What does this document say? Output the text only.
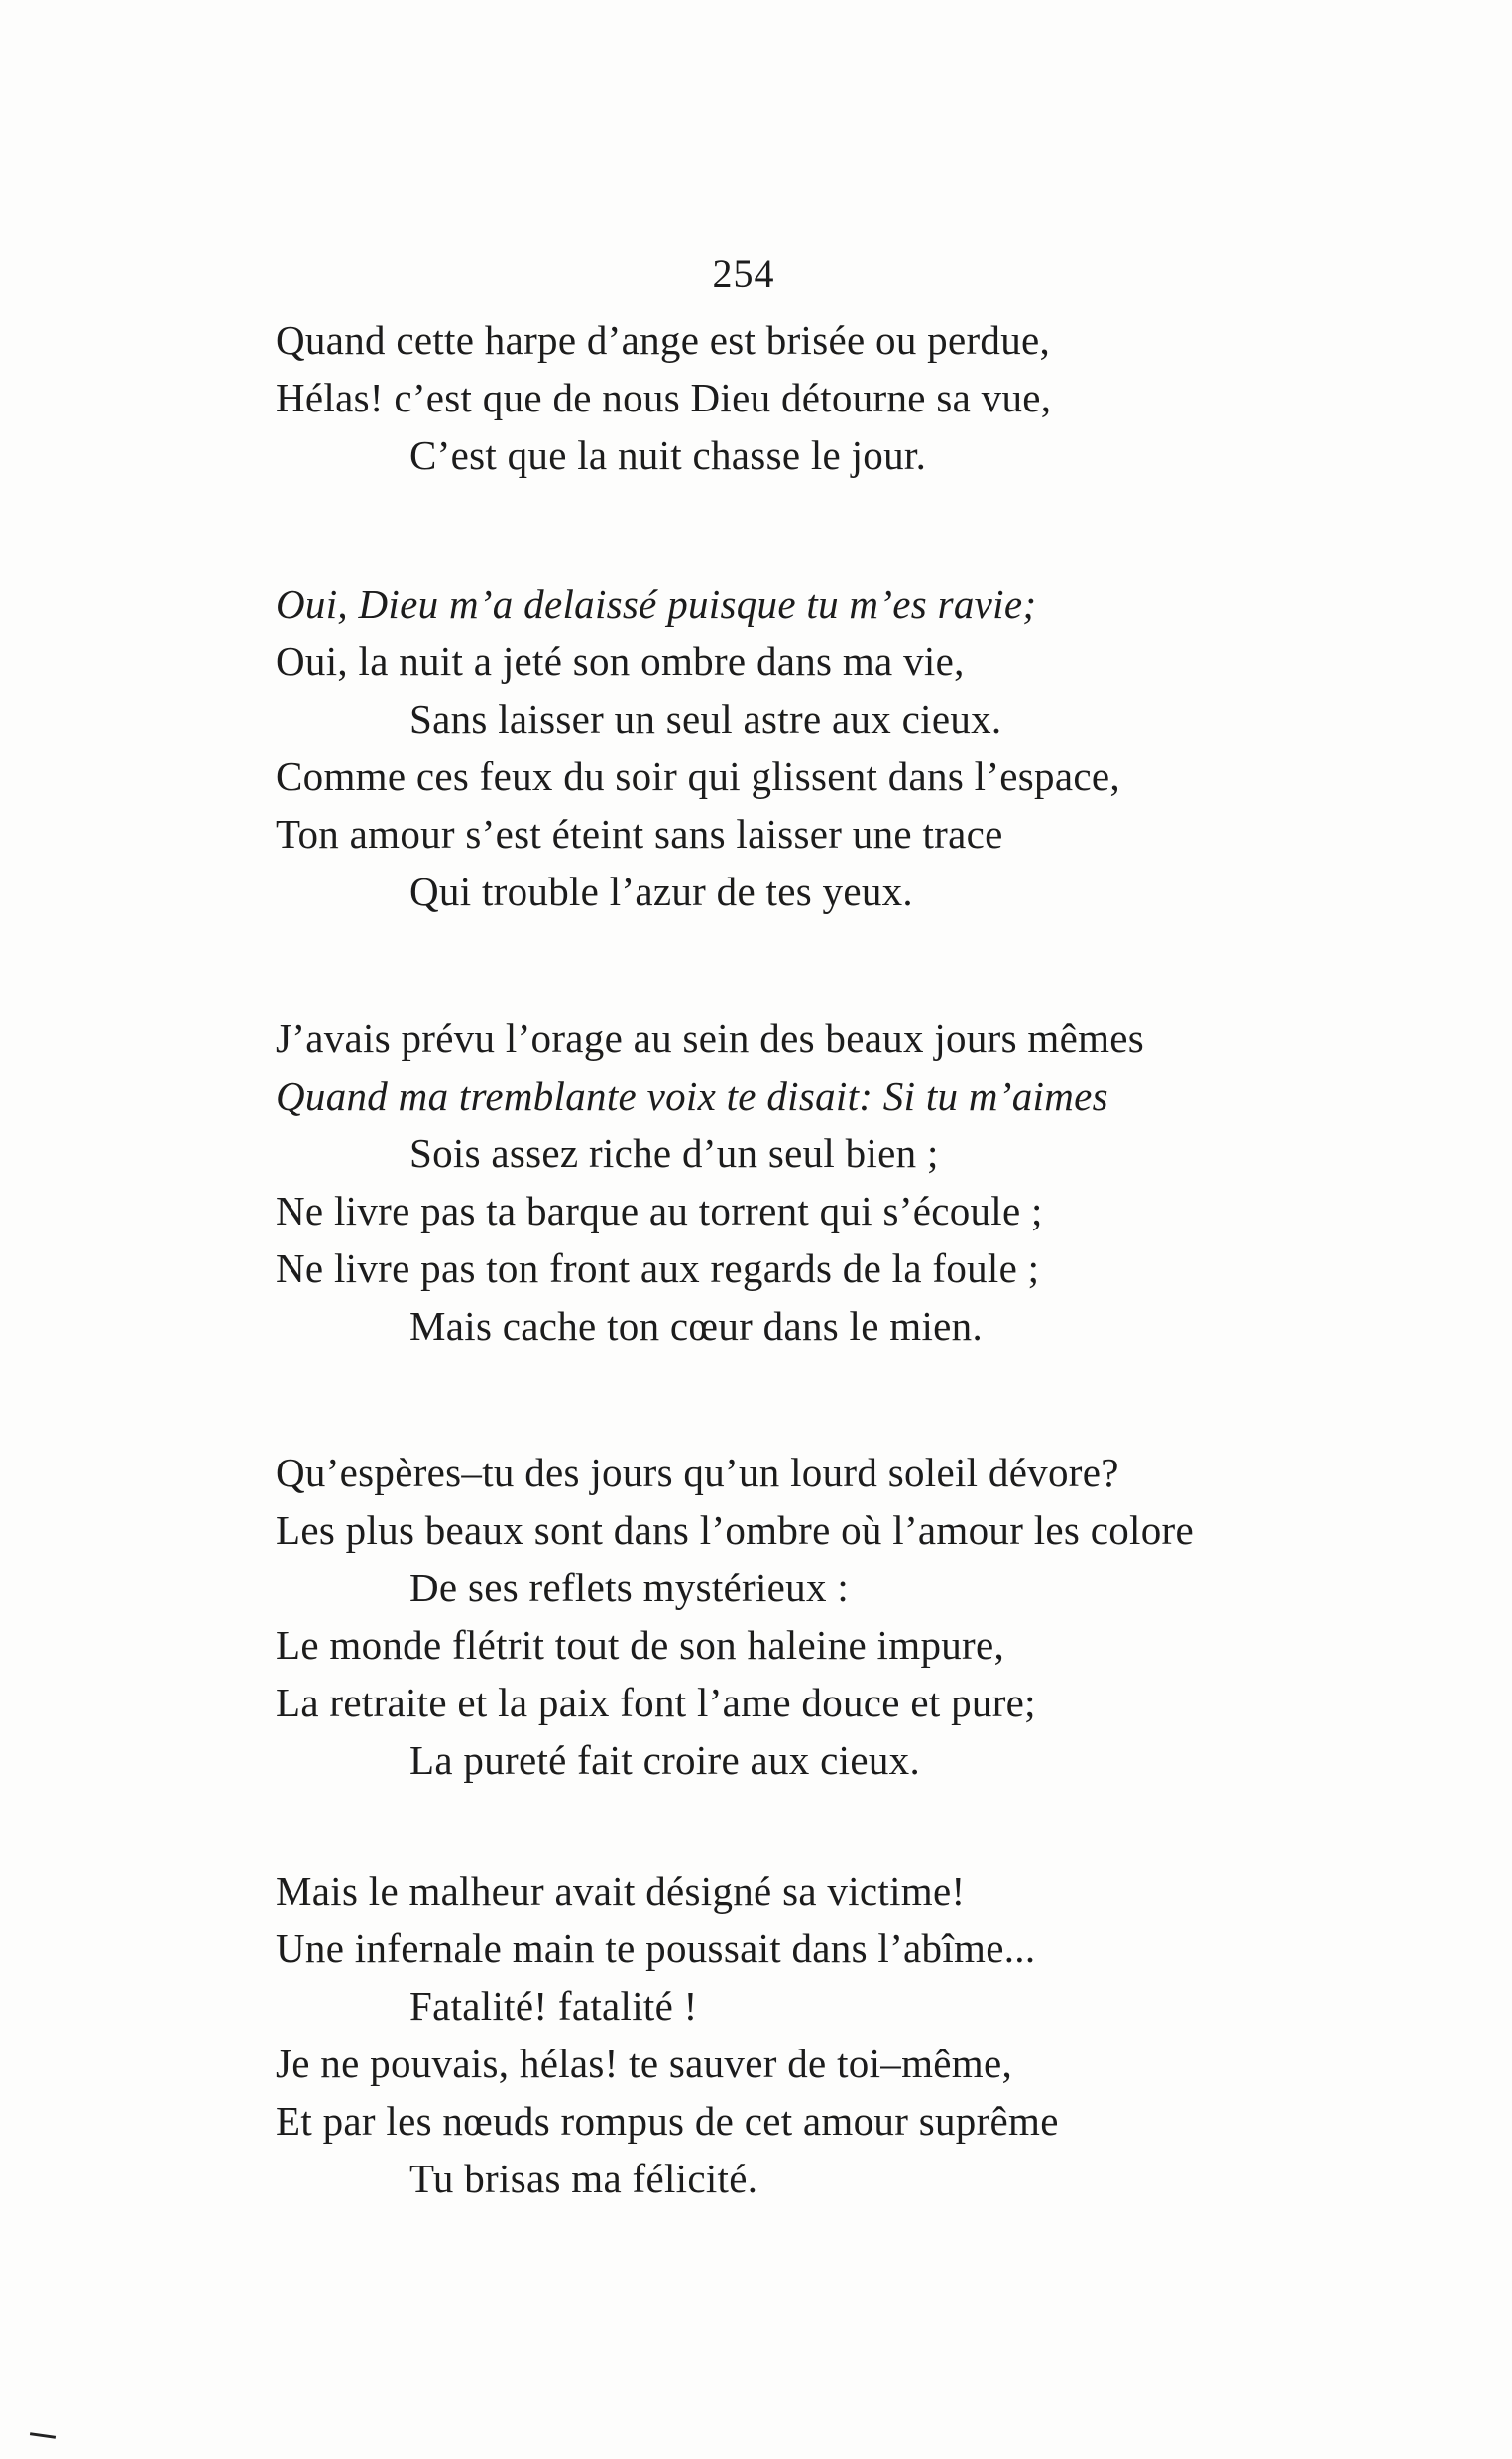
254
Quand cette harpe d’ange est brisée ou perdue,
Hélas! c’est que de nous Dieu détourne sa vue,
C’est que la nuit chasse le jour.
Oui, Dieu m’a delaissé puisque tu m’es ravie;
Oui, la nuit a jeté son ombre dans ma vie,
Sans laisser un seul astre aux cieux.
Comme ces feux du soir qui glissent dans l’espace,
Ton amour s’est éteint sans laisser une trace
Qui trouble l’azur de tes yeux.
J’avais prévu l’orage au sein des beaux jours mêmes
Quand ma tremblante voix te disait: Si tu m’aimes
Sois assez riche d’un seul bien ;
Ne livre pas ta barque au torrent qui s’écoule ;
Ne livre pas ton front aux regards de la foule ;
Mais cache ton cœur dans le mien.
Qu’espères–tu des jours qu’un lourd soleil dévore?
Les plus beaux sont dans l’ombre où l’amour les colore
De ses reflets mystérieux :
Le monde flétrit tout de son haleine impure,
La retraite et la paix font l’ame douce et pure;
La pureté fait croire aux cieux.
Mais le malheur avait désigné sa victime!
Une infernale main te poussait dans l’abîme...
Fatalité! fatalité !
Je ne pouvais, hélas! te sauver de toi–même,
Et par les nœuds rompus de cet amour suprême
Tu brisas ma félicité.
